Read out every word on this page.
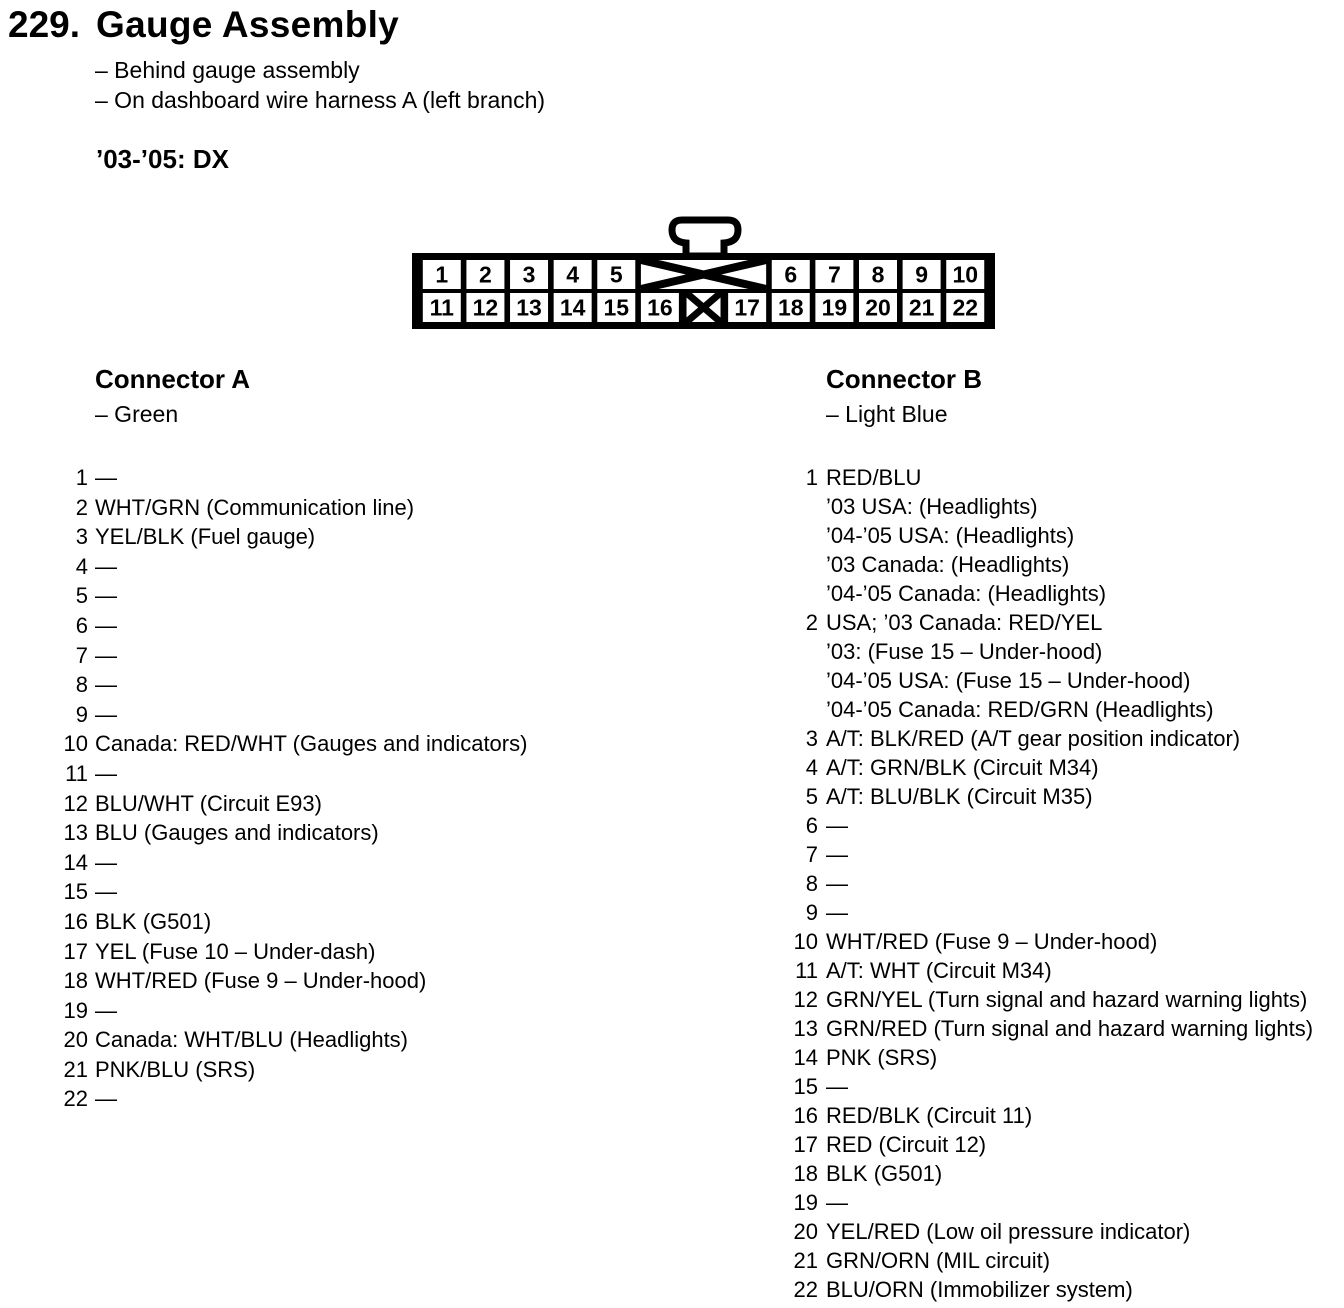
229. Gauge Assembly
– Behind gauge assembly
– On dashboard wire harness A (left branch)
’03-’05: DX
1 2 3 4 5	6 7 8 9 10
11 12 13 14 15 16	17 18 19 20 21 22
Connector A
– Green
1 —
2 WHT/GRN (Communication line)
3 YEL/BLK (Fuel gauge)
4 —
5 —
6 —
7 —
8 —
9 —
10 Canada: RED/WHT (Gauges and indicators)
11 —
12 BLU/WHT (Circuit E93)
13 BLU (Gauges and indicators)
14 —
15 —
16 BLK (G501)
17 YEL (Fuse 10 – Under-dash)
18 WHT/RED (Fuse 9 – Under-hood)
19 —
20 Canada: WHT/BLU (Headlights)
21 PNK/BLU (SRS)
22 —
Connector B
– Light Blue
1 RED/BLU
’03 USA: (Headlights)
’04-’05 USA: (Headlights)
’03 Canada: (Headlights)
’04-’05 Canada: (Headlights)
2 USA; ’03 Canada: RED/YEL
’03: (Fuse 15 – Under-hood)
’04-’05 USA: (Fuse 15 – Under-hood)
’04-’05 Canada: RED/GRN (Headlights)
3 A/T: BLK/RED (A/T gear position indicator)
4 A/T: GRN/BLK (Circuit M34)
5 A/T: BLU/BLK (Circuit M35)
6 —
7 —
8 —
9 —
10 WHT/RED (Fuse 9 – Under-hood)
11 A/T: WHT (Circuit M34)
12 GRN/YEL (Turn signal and hazard warning lights)
13 GRN/RED (Turn signal and hazard warning lights)
14 PNK (SRS)
15 —
16 RED/BLK (Circuit 11)
17 RED (Circuit 12)
18 BLK (G501)
19 —
20 YEL/RED (Low oil pressure indicator)
21 GRN/ORN (MIL circuit)
22 BLU/ORN (Immobilizer system)
